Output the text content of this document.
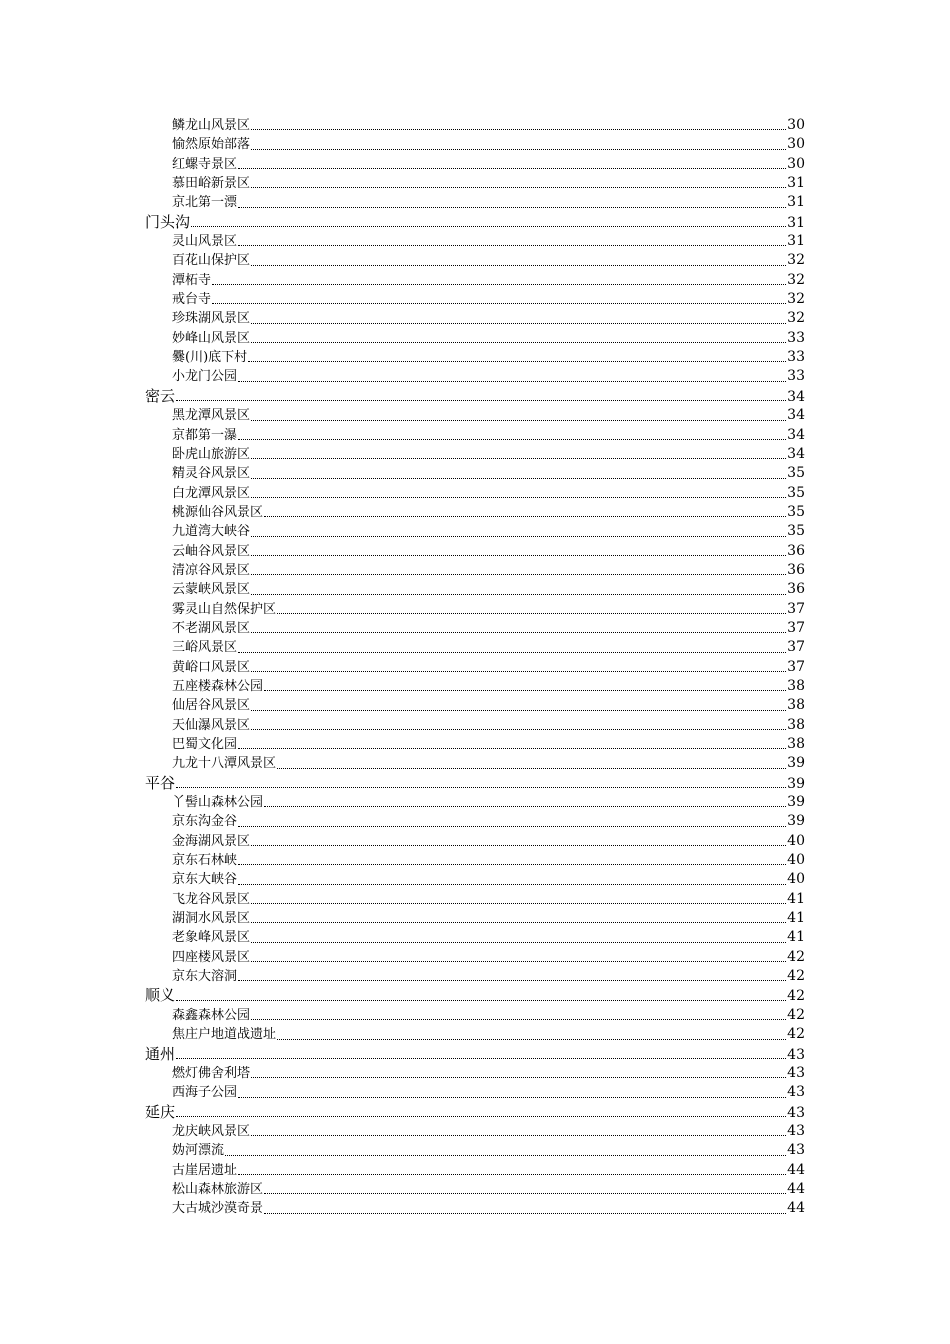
鳞龙山风景区	30
愉然原始部落	30
红螺寺景区	30
慕田峪新景区	31
京北第一漂	31
门头沟	31
灵山风景区	31
百花山保护区	32
潭柘寺	32
戒台寺	32
珍珠湖风景区	32
妙峰山风景区	33
爨(川)底下村	33
小龙门公园	33
密云	34
黑龙潭风景区	34
京都第一瀑	34
卧虎山旅游区	34
精灵谷风景区	35
白龙潭风景区	35
桃源仙谷风景区	35
九道湾大峡谷	35
云岫谷风景区	36
清凉谷风景区	36
云蒙峡风景区	36
雾灵山自然保护区	37
不老湖风景区	37
三峪风景区	37
黄峪口风景区	37
五座楼森林公园	38
仙居谷风景区	38
天仙瀑风景区	38
巴蜀文化园	38
九龙十八潭风景区	39
平谷	39
丫髻山森林公园	39
京东沟金谷	39
金海湖风景区	40
京东石林峡	40
京东大峡谷	40
飞龙谷风景区	41
湖洞水风景区	41
老象峰风景区	41
四座楼风景区	42
京东大溶洞	42
顺义	42
森鑫森林公园	42
焦庄户地道战遗址	42
通州	43
燃灯佛舍利塔	43
西海子公园	43
延庆	43
龙庆峡风景区	43
妫河漂流	43
古崖居遗址	44
松山森林旅游区	44
大古城沙漠奇景	44
